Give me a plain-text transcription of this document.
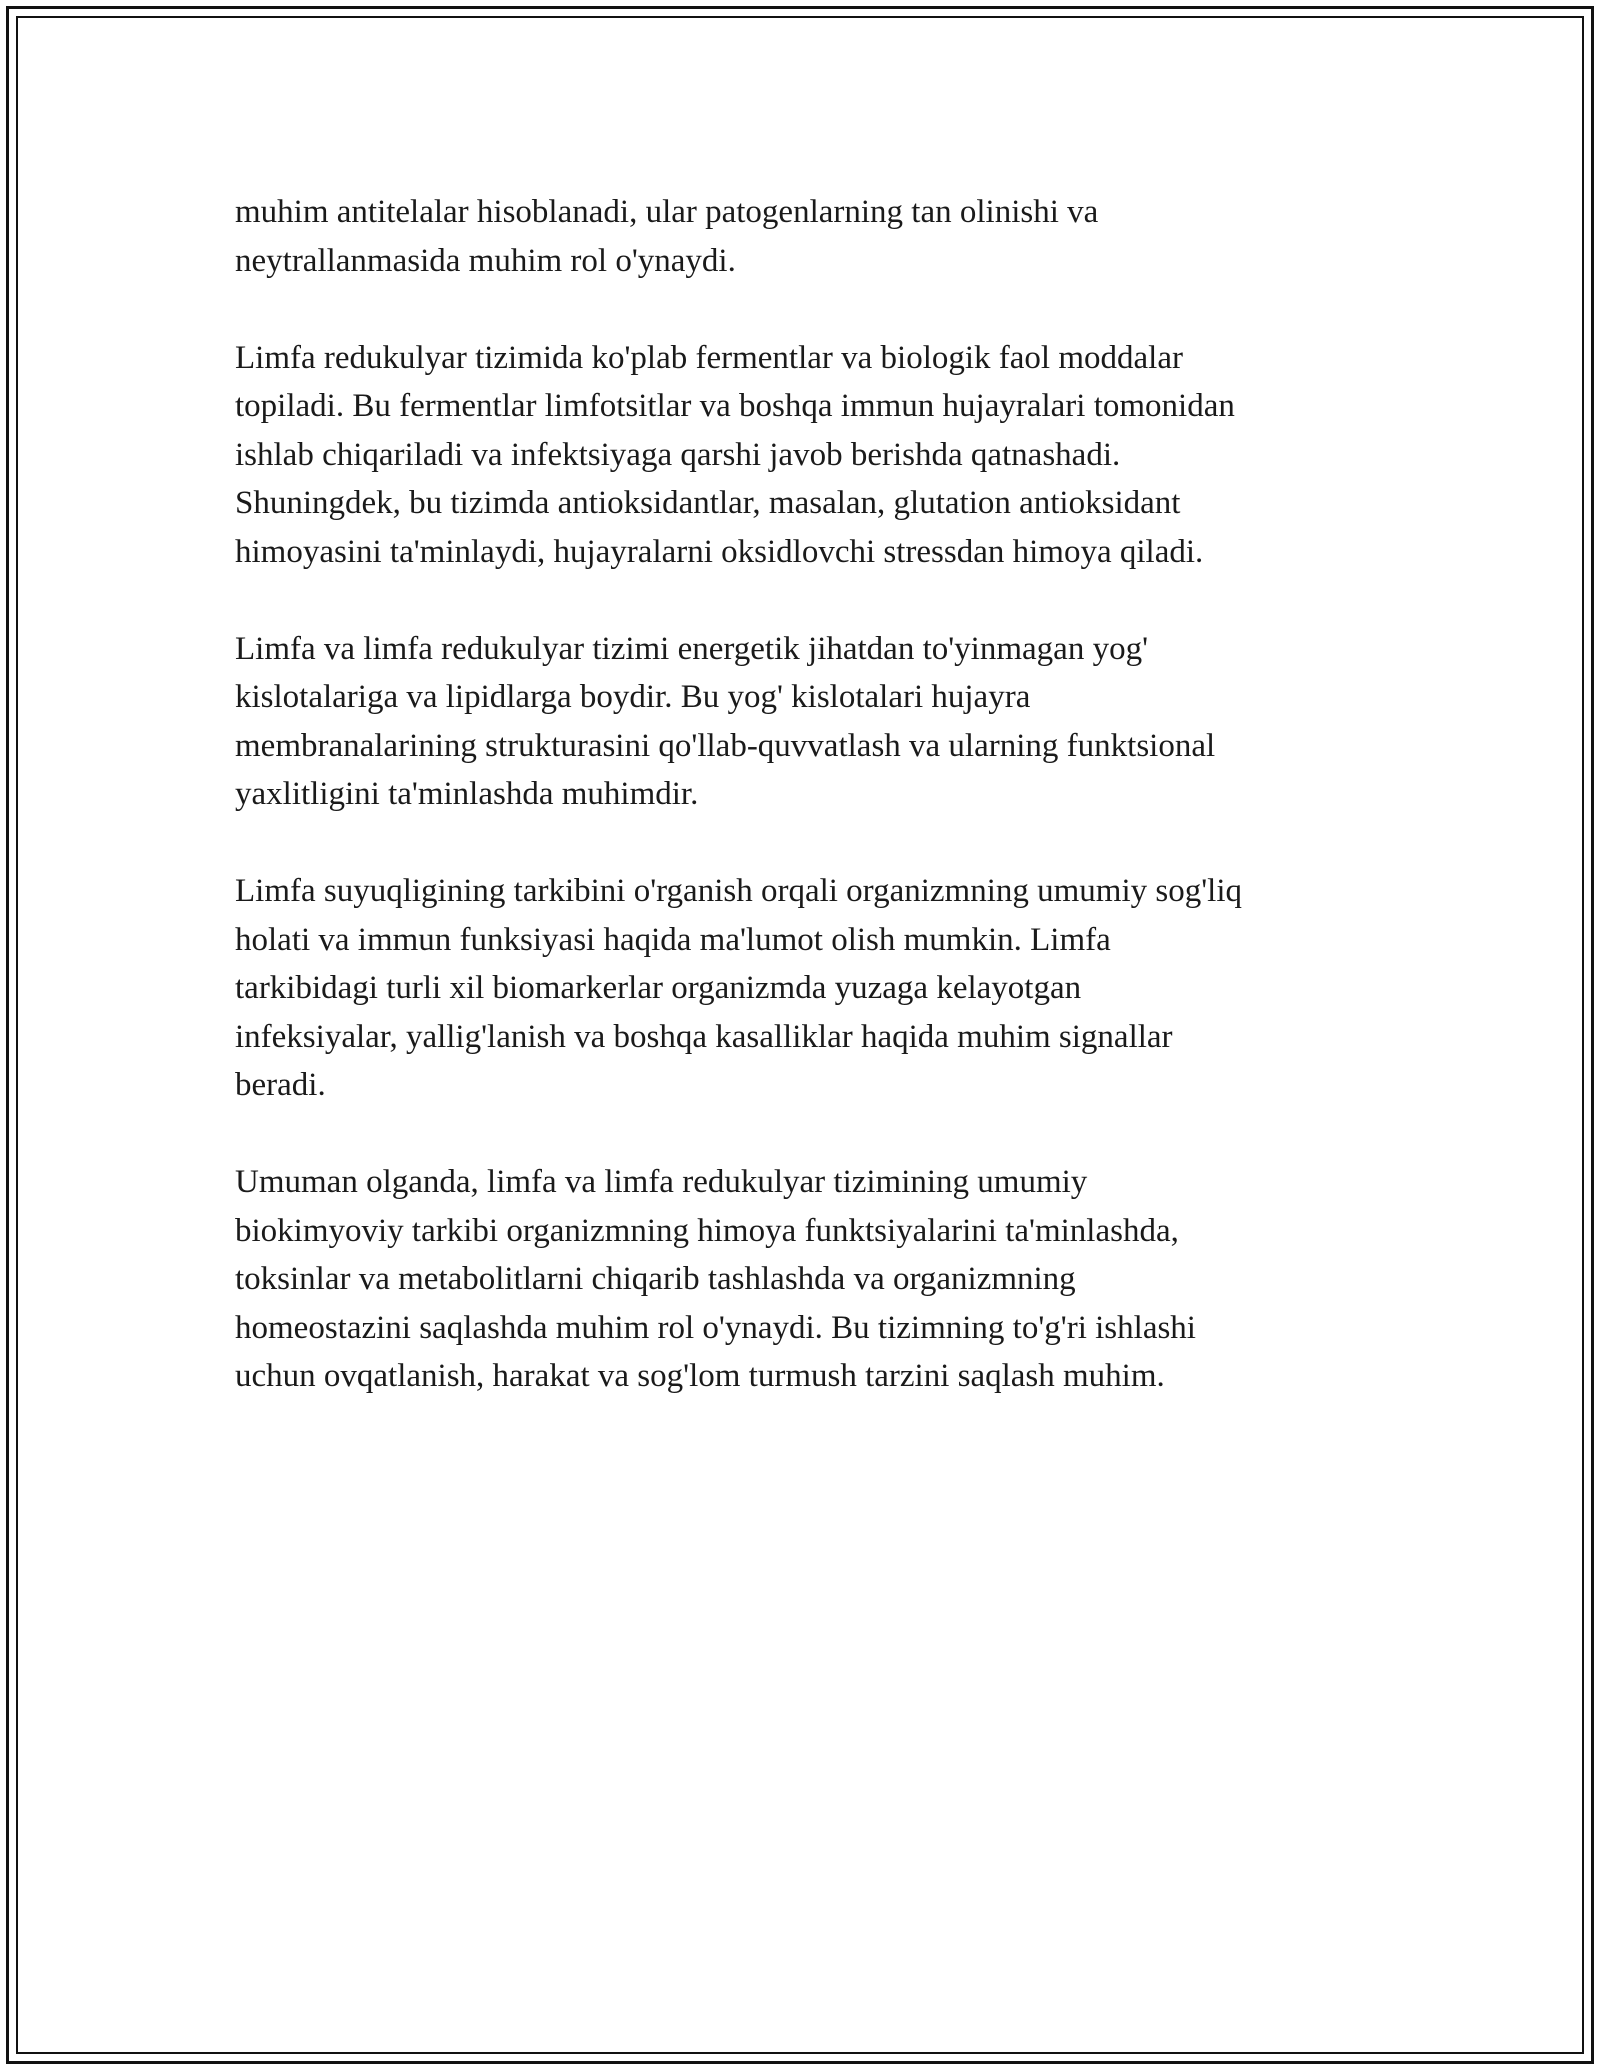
muhim antitelalar hisoblanadi, ular patogenlarning tan olinishi va
neytrallanmasida muhim rol o'ynaydi.

Limfa redukulyar tizimida ko'plab fermentlar va biologik faol moddalar
topiladi. Bu fermentlar limfotsitlar va boshqa immun hujayralari tomonidan
ishlab chiqariladi va infektsiyaga qarshi javob berishda qatnashadi.
Shuningdek, bu tizimda antioksidantlar, masalan, glutation antioksidant
himoyasini ta'minlaydi, hujayralarni oksidlovchi stressdan himoya qiladi.

Limfa va limfa redukulyar tizimi energetik jihatdan to'yinmagan yog'
kislotalariga va lipidlarga boydir. Bu yog' kislotalari hujayra
membranalarining strukturasini qo'llab-quvvatlash va ularning funktsional
yaxlitligini ta'minlashda muhimdir.

Limfa suyuqligining tarkibini o'rganish orqali organizmning umumiy sog'liq
holati va immun funksiyasi haqida ma'lumot olish mumkin. Limfa
tarkibidagi turli xil biomarkerlar organizmda yuzaga kelayotgan
infeksiyalar, yallig'lanish va boshqa kasalliklar haqida muhim signallar
beradi.

Umuman olganda, limfa va limfa redukulyar tizimining umumiy
biokimyoviy tarkibi organizmning himoya funktsiyalarini ta'minlashda,
toksinlar va metabolitlarni chiqarib tashlashda va organizmning
homeostazini saqlashda muhim rol o'ynaydi. Bu tizimning to'g'ri ishlashi
uchun ovqatlanish, harakat va sog'lom turmush tarzini saqlash muhim.
